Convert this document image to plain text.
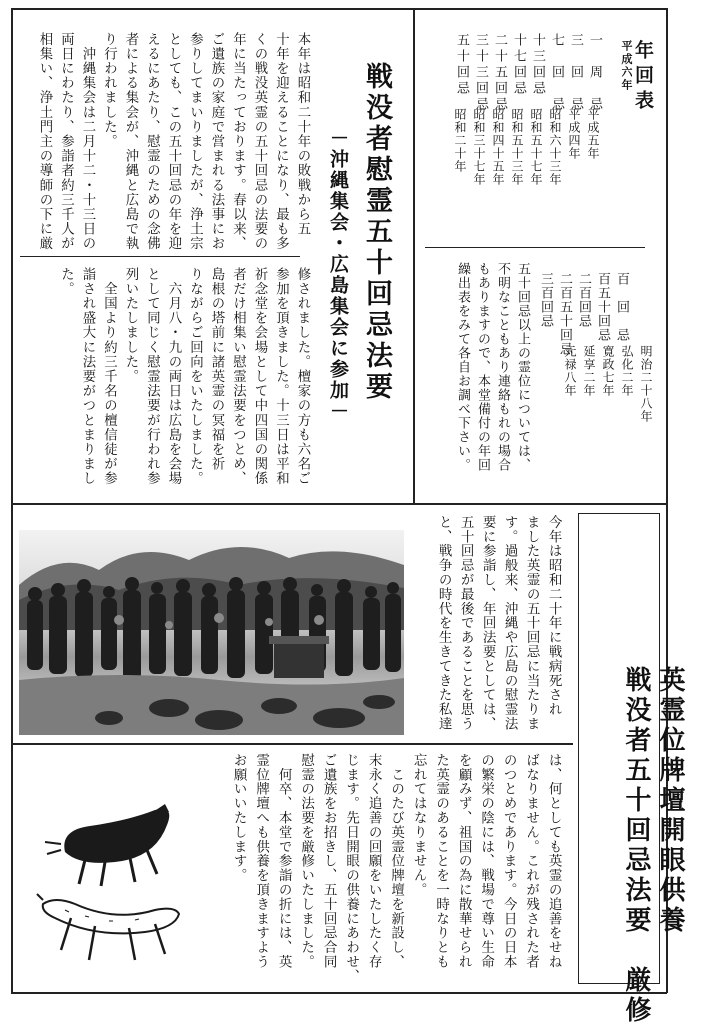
年回表
平成六年
一　周　忌
平成五年
三　回　忌
平成四年
七　回　忌
昭和六十三年
十三回忌
昭和五十七年
十七回忌
昭和五十三年
二十五回忌
昭和四十五年
三十三回忌
昭和三十七年
五十回忌
昭和二十年
百　回　忌
明治二十八年
百五十回忌
弘化二年
二百回忌
寛政七年
二百五十回忌
延享二年
三百回忌
元禄八年
五十回忌以上の霊位については、
不明なこともあり連絡もれの場合
もありますので、本堂備付の年回
繰出表をみて各自お調べ下さい。
戦没者慰霊五十回忌法要
－沖縄集会・広島集会に参加－
本年は昭和二十年の敗戦から五
十年を迎えることになり、最も多
くの戦没英霊の五十回忌の法要の
年に当たっております。春以来、
ご遺族の家庭で営まれる法事にお
参りしてまいりましたが、浄土宗
としても、この五十回忌の年を迎
えるにあたり、慰霊のための念佛
者による集会が、沖縄と広島で執
り行われました。
　沖縄集会は二月十二・十三日の
両日にわたり、参詣者約三千人が
相集い、浄土門主の導師の下に厳
修されました。檀家の方も六名ご
参加を頂きました。十三日は平和
祈念堂を会場として中四国の関係
者だけ相集い慰霊法要をつとめ、
島根の塔前に諸英霊の冥福を祈
りながらご回向をいたしました。
　六月八・九の両日は広島を会場
として同じく慰霊法要が行われ参
列いたしました。
　全国より約三千名の檀信徒が参
詣され盛大に法要がつとまりまし
た。

英霊位牌壇開眼供養
戦没者五十回忌法要　厳修

今年は昭和二十年に戦病死され
ました英霊の五十回忌に当たりま
す。過般来、沖縄や広島の慰霊法
要に参詣し、年回法要としては、
五十回忌が最後であることを思う
と、戦争の時代を生きてきた私達
は、何としても英霊の追善をせね
ばなりません。これが残された者
のつとめであります。今日の日本
の繁栄の陰には、戦場で尊い生命
を顧みず、祖国の為に散華せられ
た英霊のあることを一時なりとも
忘れてはなりません。
　このたび英霊位牌壇を新設し、
末永く追善の回願をいたしたく存
じます。先日開眼の供養にあわせ、
ご遺族をお招きし、五十回忌合同
慰霊の法要を厳修いたしました。
　何卒、本堂で参詣の折には、英
霊位牌壇へも供養を頂きますよう
お願いいたします。
